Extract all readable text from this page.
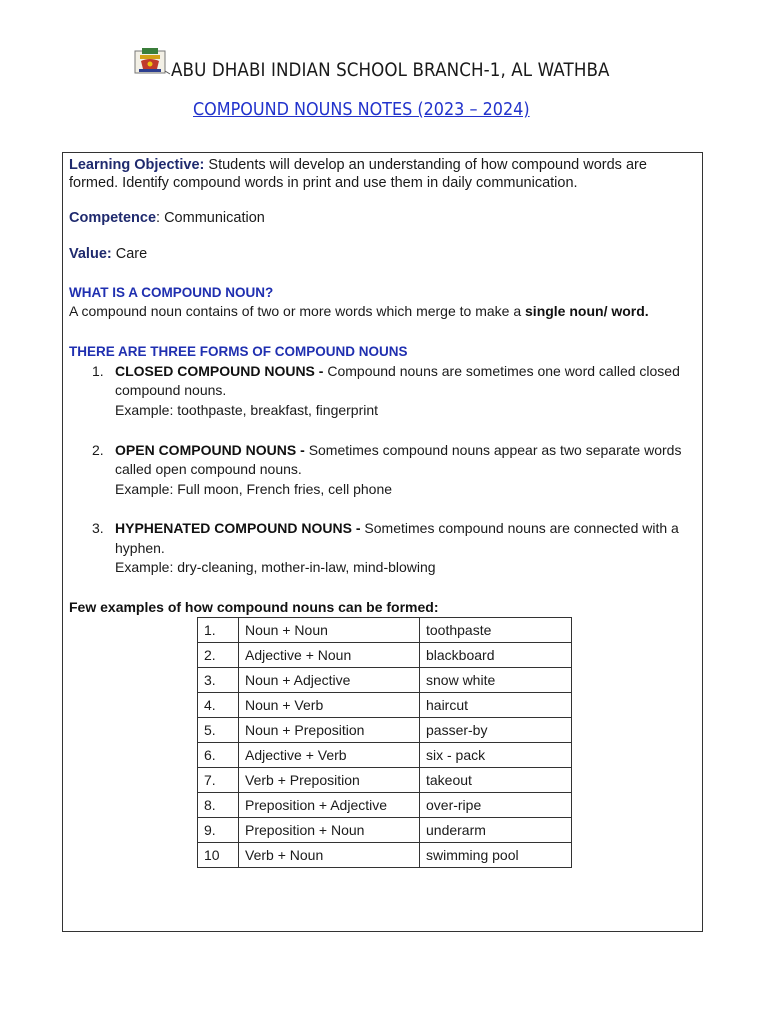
ABU DHABI INDIAN SCHOOL BRANCH-1, AL WATHBA
COMPOUND NOUNS NOTES (2023 – 2024)
Learning Objective: Students will develop an understanding of how compound words are
formed. Identify compound words in print and use them in daily communication.
Competence: Communication
Value: Care
WHAT IS A COMPOUND NOUN?
A compound noun contains of two or more words which merge to make a single noun/ word.
THERE ARE THREE FORMS OF COMPOUND NOUNS
1. CLOSED COMPOUND NOUNS - Compound nouns are sometimes one word called closed
compound nouns.
Example: toothpaste, breakfast, fingerprint
2. OPEN COMPOUND NOUNS - Sometimes compound nouns appear as two separate words
called open compound nouns.
Example: Full moon, French fries, cell phone
3. HYPHENATED COMPOUND NOUNS - Sometimes compound nouns are connected with a
hyphen.
Example: dry-cleaning, mother-in-law, mind-blowing
Few examples of how compound nouns can be formed:
1.	Noun + Noun	toothpaste
2.	Adjective + Noun	blackboard
3.	Noun + Adjective	snow white
4.	Noun + Verb	haircut
5.	Noun + Preposition	passer-by
6.	Adjective + Verb	six - pack
7.	Verb + Preposition	takeout
8.	Preposition + Adjective	over-ripe
9.	Preposition + Noun	underarm
10	Verb + Noun	swimming pool
